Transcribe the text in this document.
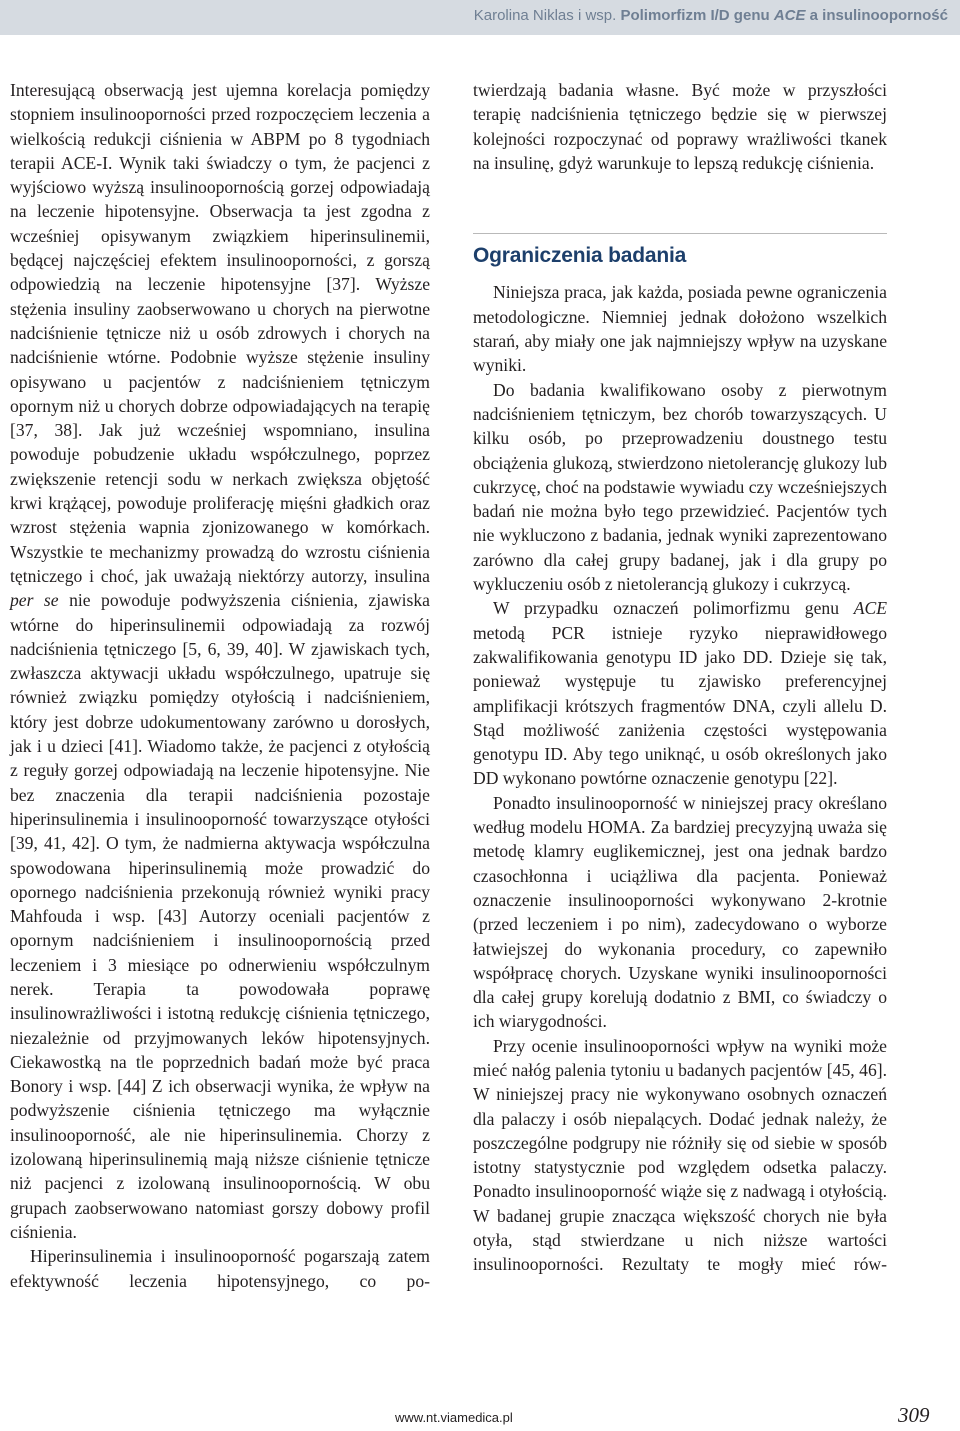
Karolina Niklas i wsp. Polimorfizm I/D genu ACE a insulinooporność

Interesującą obserwacją jest ujemna korelacja pomiędzy stopniem insulinooporności przed rozpoczęciem leczenia a wielkością redukcji ciśnienia w ABPM po 8 tygodniach terapii ACE-I. Wynik taki świadczy o tym, że pacjenci z wyjściowo wyższą insulinoopornością gorzej odpowiadają na leczenie hipotensyjne. Obserwacja ta jest zgodna z wcześniej opisywanym związkiem hiperinsulinemii, będącej najczęściej efektem insulinooporności, z gorszą odpowiedzią na leczenie hipotensyjne [37]. Wyższe stężenia insuliny zaobserwowano u chorych na pierwotne nadciśnienie tętnicze niż u osób zdrowych i chorych na nadciśnienie wtórne. Podobnie wyższe stężenie insuliny opisywano u pacjentów z nadciśnieniem tętniczym opornym niż u chorych dobrze odpowiadających na terapię [37, 38]. Jak już wcześniej wspomniano, insulina powoduje pobudzenie układu współczulnego, poprzez zwiększenie retencji sodu w nerkach zwiększa objętość krwi krążącej, powoduje proliferację mięśni gładkich oraz wzrost stężenia wapnia zjonizowanego w komórkach. Wszystkie te mechanizmy prowadzą do wzrostu ciśnienia tętniczego i choć, jak uważają niektórzy autorzy, insulina per se nie powoduje podwyższenia ciśnienia, zjawiska wtórne do hiperinsulinemii odpowiadają za rozwój nadciśnienia tętniczego [5, 6, 39, 40]. W zjawiskach tych, zwłaszcza aktywacji układu współczulnego, upatruje się również związku pomiędzy otyłością i nadciśnieniem, który jest dobrze udokumentowany zarówno u dorosłych, jak i u dzieci [41]. Wiadomo także, że pacjenci z otyłością z reguły gorzej odpowiadają na leczenie hipotensyjne. Nie bez znaczenia dla terapii nadciśnienia pozostaje hiperinsulinemia i insulinooporność towarzyszące otyłości [39, 41, 42]. O tym, że nadmierna aktywacja współczulna spowodowana hiperinsulinemią może prowadzić do opornego nadciśnienia przekonują również wyniki pracy Mahfouda i wsp. [43] Autorzy oceniali pacjentów z opornym nadciśnieniem i insulinoopornością przed leczeniem i 3 miesiące po odnerwieniu współczulnym nerek. Terapia ta powodowała poprawę insulinowrażliwości i istotną redukcję ciśnienia tętniczego, niezależnie od przyjmowanych leków hipotensyjnych. Ciekawostką na tle poprzednich badań może być praca Bonory i wsp. [44] Z ich obserwacji wynika, że wpływ na podwyższenie ciśnienia tętniczego ma wyłącznie insulinooporność, ale nie hiperinsulinemia. Chorzy z izolowaną hiperinsulinemią mają niższe ciśnienie tętnicze niż pacjenci z izolowaną insulinoopornością. W obu grupach zaobserwowano natomiast gorszy dobowy profil ciśnienia.

Hiperinsulinemia i insulinooporność pogarszają zatem efektywność leczenia hipotensyjnego, co po-

twierdzają badania własne. Być może w przyszłości terapię nadciśnienia tętniczego będzie się w pierwszej kolejności rozpoczynać od poprawy wrażliwości tkanek na insulinę, gdyż warunkuje to lepszą redukcję ciśnienia.

Ograniczenia badania

Niniejsza praca, jak każda, posiada pewne ograniczenia metodologiczne. Niemniej jednak dołożono wszelkich starań, aby miały one jak najmniejszy wpływ na uzyskane wyniki.

Do badania kwalifikowano osoby z pierwotnym nadciśnieniem tętniczym, bez chorób towarzyszących. U kilku osób, po przeprowadzeniu doustnego testu obciążenia glukozą, stwierdzono nietolerancję glukozy lub cukrzycę, choć na podstawie wywiadu czy wcześniejszych badań nie można było tego przewidzieć. Pacjentów tych nie wykluczono z badania, jednak wyniki zaprezentowano zarówno dla całej grupy badanej, jak i dla grupy po wykluczeniu osób z nietolerancją glukozy i cukrzycą.

W przypadku oznaczeń polimorfizmu genu ACE metodą PCR istnieje ryzyko nieprawidłowego zakwalifikowania genotypu ID jako DD. Dzieje się tak, ponieważ występuje tu zjawisko preferencyjnej amplifikacji krótszych fragmentów DNA, czyli allelu D. Stąd możliwość zaniżenia częstości występowania genotypu ID. Aby tego uniknąć, u osób określonych jako DD wykonano powtórne oznaczenie genotypu [22].

Ponadto insulinooporność w niniejszej pracy określano według modelu HOMA. Za bardziej precyzyjną uważa się metodę klamry euglikemicznej, jest ona jednak bardzo czasochłonna i uciążliwa dla pacjenta. Ponieważ oznaczenie insulinooporności wykonywano 2-krotnie (przed leczeniem i po nim), zadecydowano o wyborze łatwiejszej do wykonania procedury, co zapewniło współpracę chorych. Uzyskane wyniki insulinooporności dla całej grupy korelują dodatnio z BMI, co świadczy o ich wiarygodności.

Przy ocenie insulinooporności wpływ na wyniki może mieć nałóg palenia tytoniu u badanych pacjentów [45, 46]. W niniejszej pracy nie wykonywano osobnych oznaczeń dla palaczy i osób niepalących. Dodać jednak należy, że poszczególne podgrupy nie różniły się od siebie w sposób istotny statystycznie pod względem odsetka palaczy. Ponadto insulinooporność wiąże się z nadwagą i otyłością. W badanej grupie znacząca większość chorych nie była otyła, stąd stwierdzane u nich niższe wartości insulinooporności. Rezultaty te mogły mieć rów-

www.nt.viamedica.pl	309
